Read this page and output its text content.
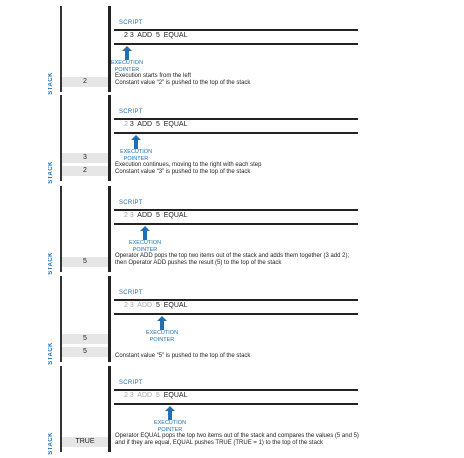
STACK	2
SCRIPT
2 3 ADD 5 EQUAL
EXECUTION
POINTER
Execution starts from the left
Constant value “2” is pushed to the top of the stack
STACK
3
2
SCRIPT
2 3 ADD 5 EQUAL
EXECUTION
POINTER
Execution continues, moving to the right with each step
Constant value “3” is pushed to the top of the stack
STACK	5
SCRIPT
2 3 ADD 5 EQUAL
EXECUTION
POINTER
Operator ADD pops the top two items out of the stack and adds them together (3 add 2);
then Operator ADD pushes the result (5) to the top of the stack
STACK
5
5
SCRIPT
2 3 ADD 5 EQUAL
EXECUTION
POINTER
Constant value “5” is pushed to the top of the stack
STACK	TRUE
SCRIPT
2 3 ADD 5 EQUAL
EXECUTION
POINTER
Operator EQUAL pops the top two items out of the stack and compares the values (5 and 5)
and if they are equal, EQUAL pushes TRUE (TRUE = 1) to the top of the stack
